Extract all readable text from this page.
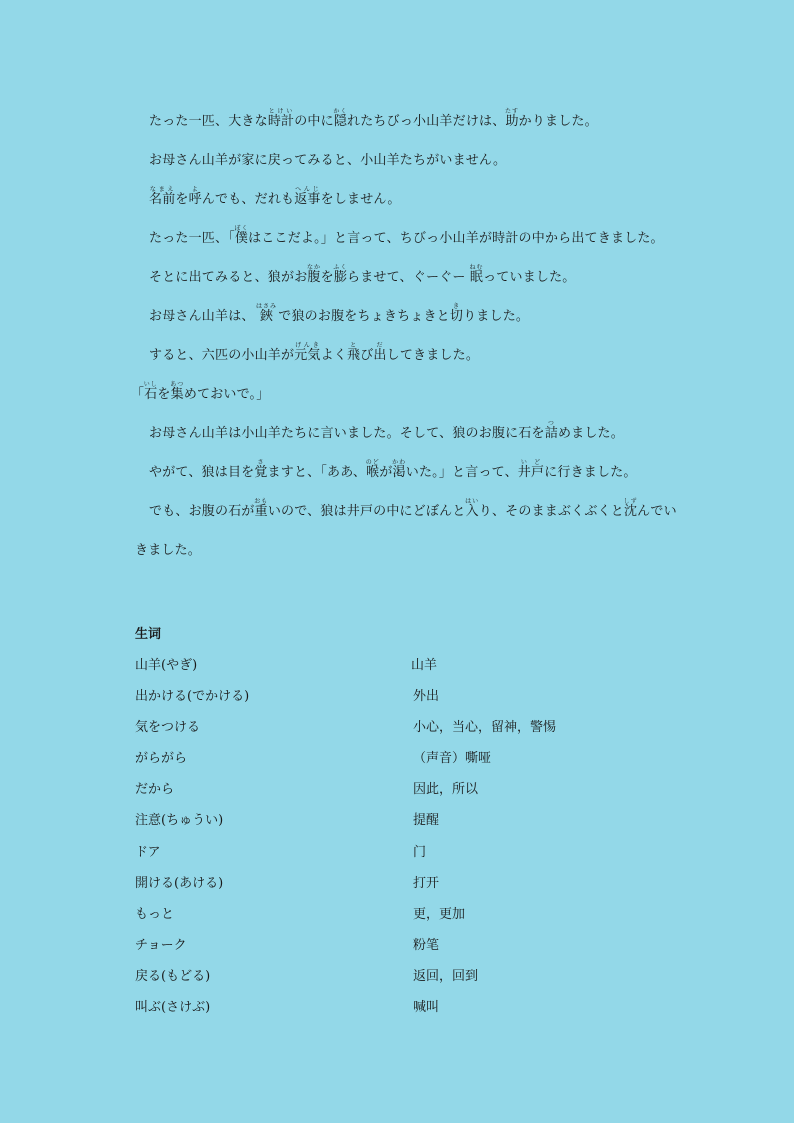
たった一匹、大きな時計とけいの中に隠かくれたちびっ小山羊だけは、助たすかりました。

お母さん山羊が家に戻ってみると、小山羊たちがいません。

名前なまえを呼よんでも、だれも返事へんじをしません。

たった一匹、「僕ぼくはここだよ。」と言って、ちびっ小山羊が時計の中から出てきました。

そとに出てみると、狼がお腹なかを膨ふくらませて、ぐーぐー 眠ねむっていました。

お母さん山羊は、 鋏はさみ で狼のお腹をちょきちょきと切きりました。

すると、六匹の小山羊が元気げんきよく飛とび出だしてきました。

「石いしを集あつめておいで。」

お母さん山羊は小山羊たちに言いました。そして、狼のお腹に石を詰つめました。

やがて、狼は目を覚さますと、「ああ、喉のどが渇かわいた。」と言って、井戸いどに行きました。

でも、お腹の石が重おもいので、狼は井戸の中にどぼんと入はいり、そのままぶくぶくと沈しずんでいきました。

生词

山羊(やぎ)	山羊
出かける(でかける)	外出
気をつける	小心，当心，留神，警惕
がらがら	（声音）嘶哑
だから	因此，所以
注意(ちゅうい)	提醒
ドア	门
開ける(あける)	打开
もっと	更，更加
チョーク	粉笔
戻る(もどる)	返回，回到
叫ぶ(さけぶ)	喊叫
